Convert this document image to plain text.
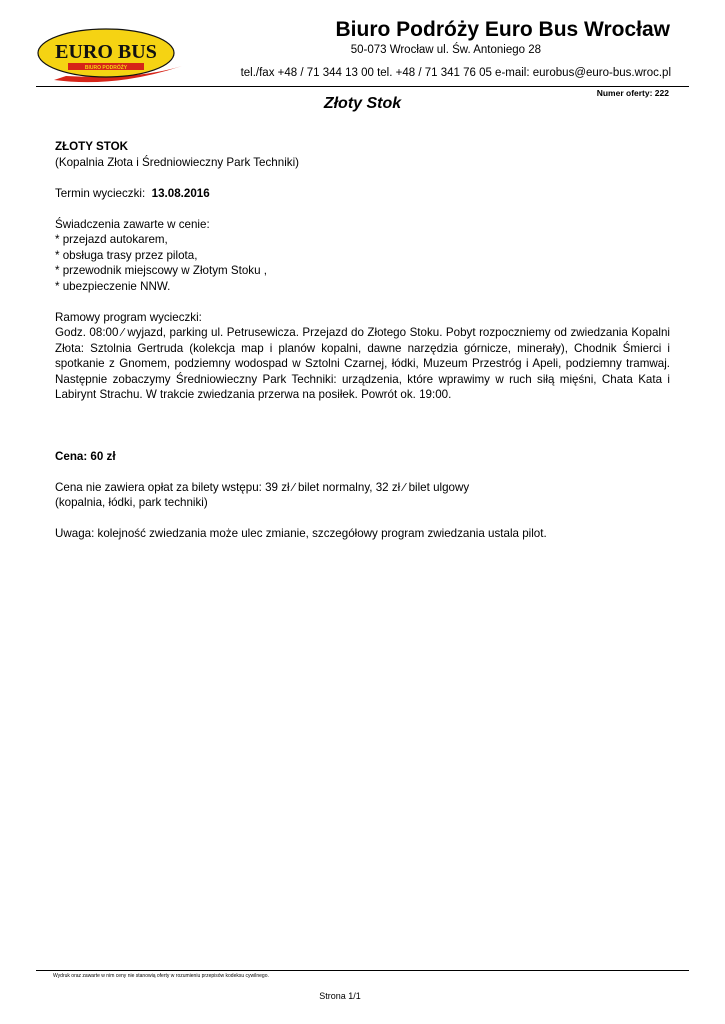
EURO BUS
BIURO PODRÓŻY
Biuro Podróży Euro Bus Wrocław
50-073 Wrocław ul. Św. Antoniego 28
tel./fax +48 / 71 344 13 00 tel. +48 / 71 341 76 05 e-mail: eurobus@euro-bus.wroc.pl
Złoty Stok
Numer oferty: 222

ZŁOTY STOK

(Kopalnia Złota i Średniowieczny Park Techniki)

Termin wycieczki: 13.08.2016

Świadczenia zawarte w cenie:

* przejazd autokarem,

* obsługa trasy przez pilota,

* przewodnik miejscowy w Złotym Stoku ,

* ubezpieczenie NNW.

Ramowy program wycieczki:

Godz. 08:00 ∕ wyjazd, parking ul. Petrusewicza. Przejazd do Złotego Stoku. Pobyt rozpoczniemy od zwiedzania Kopalni Złota: Sztolnia Gertruda (kolekcja map i planów kopalni, dawne narzędzia górnicze, minerały), Chodnik Śmierci i spotkanie z Gnomem, podziemny wodospad w Sztolni Czarnej, łódki, Muzeum Przestróg i Apeli, podziemny tramwaj. Następnie zobaczymy Średniowieczny Park Techniki: urządzenia, które wprawimy w ruch siłą mięśni, Chata Kata i Labirynt Strachu. W trakcie zwiedzania przerwa na posiłek. Powrót ok. 19:00.

Cena: 60 zł

Cena nie zawiera opłat za bilety wstępu: 39 zł ∕ bilet normalny, 32 zł ∕ bilet ulgowy

(kopalnia, łódki, park techniki)

Uwaga: kolejność zwiedzania może ulec zmianie, szczegółowy program zwiedzania ustala pilot.

Wydruk oraz zawarte w nim ceny nie stanowią oferty w rozumieniu przepisów kodeksu cywilnego.
Strona 1/1
